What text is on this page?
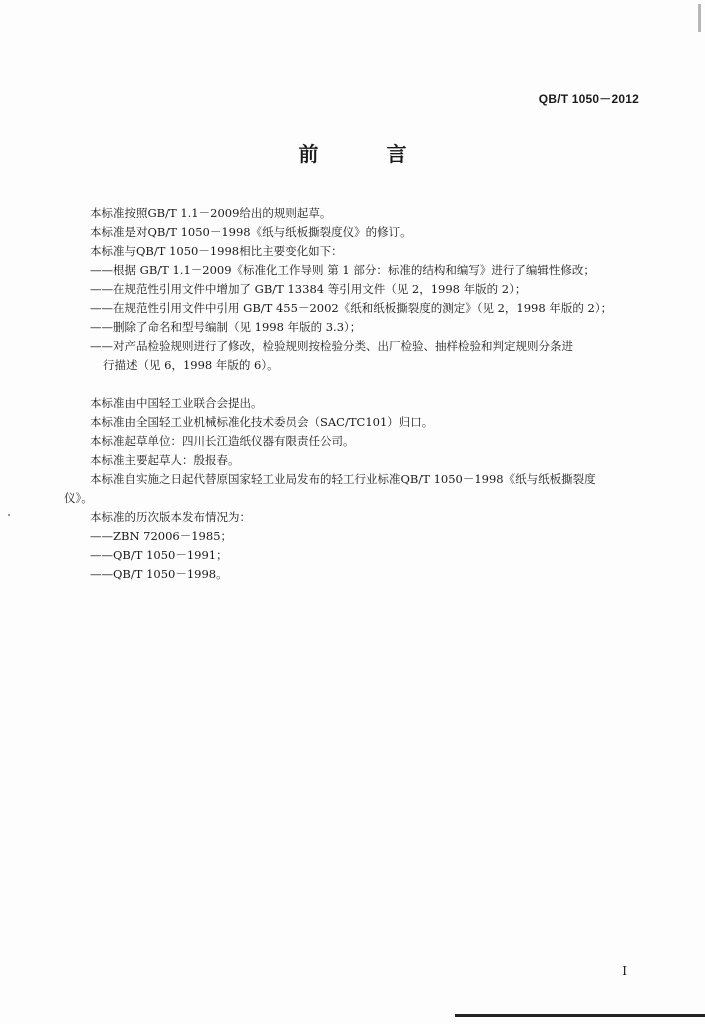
QB/T 1050－2012
前　言
本标准按照GB/T 1.1－2009给出的规则起草。
本标准是对QB/T 1050－1998《纸与纸板撕裂度仪》的修订。
本标准与QB/T 1050－1998相比主要变化如下：
——根据 GB/T 1.1－2009《标准化工作导则 第 1 部分：标准的结构和编写》进行了编辑性修改；
——在规范性引用文件中增加了 GB/T 13384 等引用文件（见 2，1998 年版的 2）；
——在规范性引用文件中引用 GB/T 455－2002《纸和纸板撕裂度的测定》（见 2，1998 年版的 2）；
——删除了命名和型号编制（见 1998 年版的 3.3）；
——对产品检验规则进行了修改，检验规则按检验分类、出厂检验、抽样检验和判定规则分条进
行描述（见 6，1998 年版的 6）。
本标准由中国轻工业联合会提出。
本标准由全国轻工业机械标准化技术委员会（SAC/TC101）归口。
本标准起草单位：四川长江造纸仪器有限责任公司。
本标准主要起草人：殷报春。
本标准自实施之日起代替原国家轻工业局发布的轻工行业标准QB/T 1050－1998《纸与纸板撕裂度
仪》。
本标准的历次版本发布情况为：
——ZBN 72006－1985；
——QB/T 1050－1991；
——QB/T 1050－1998。
I
